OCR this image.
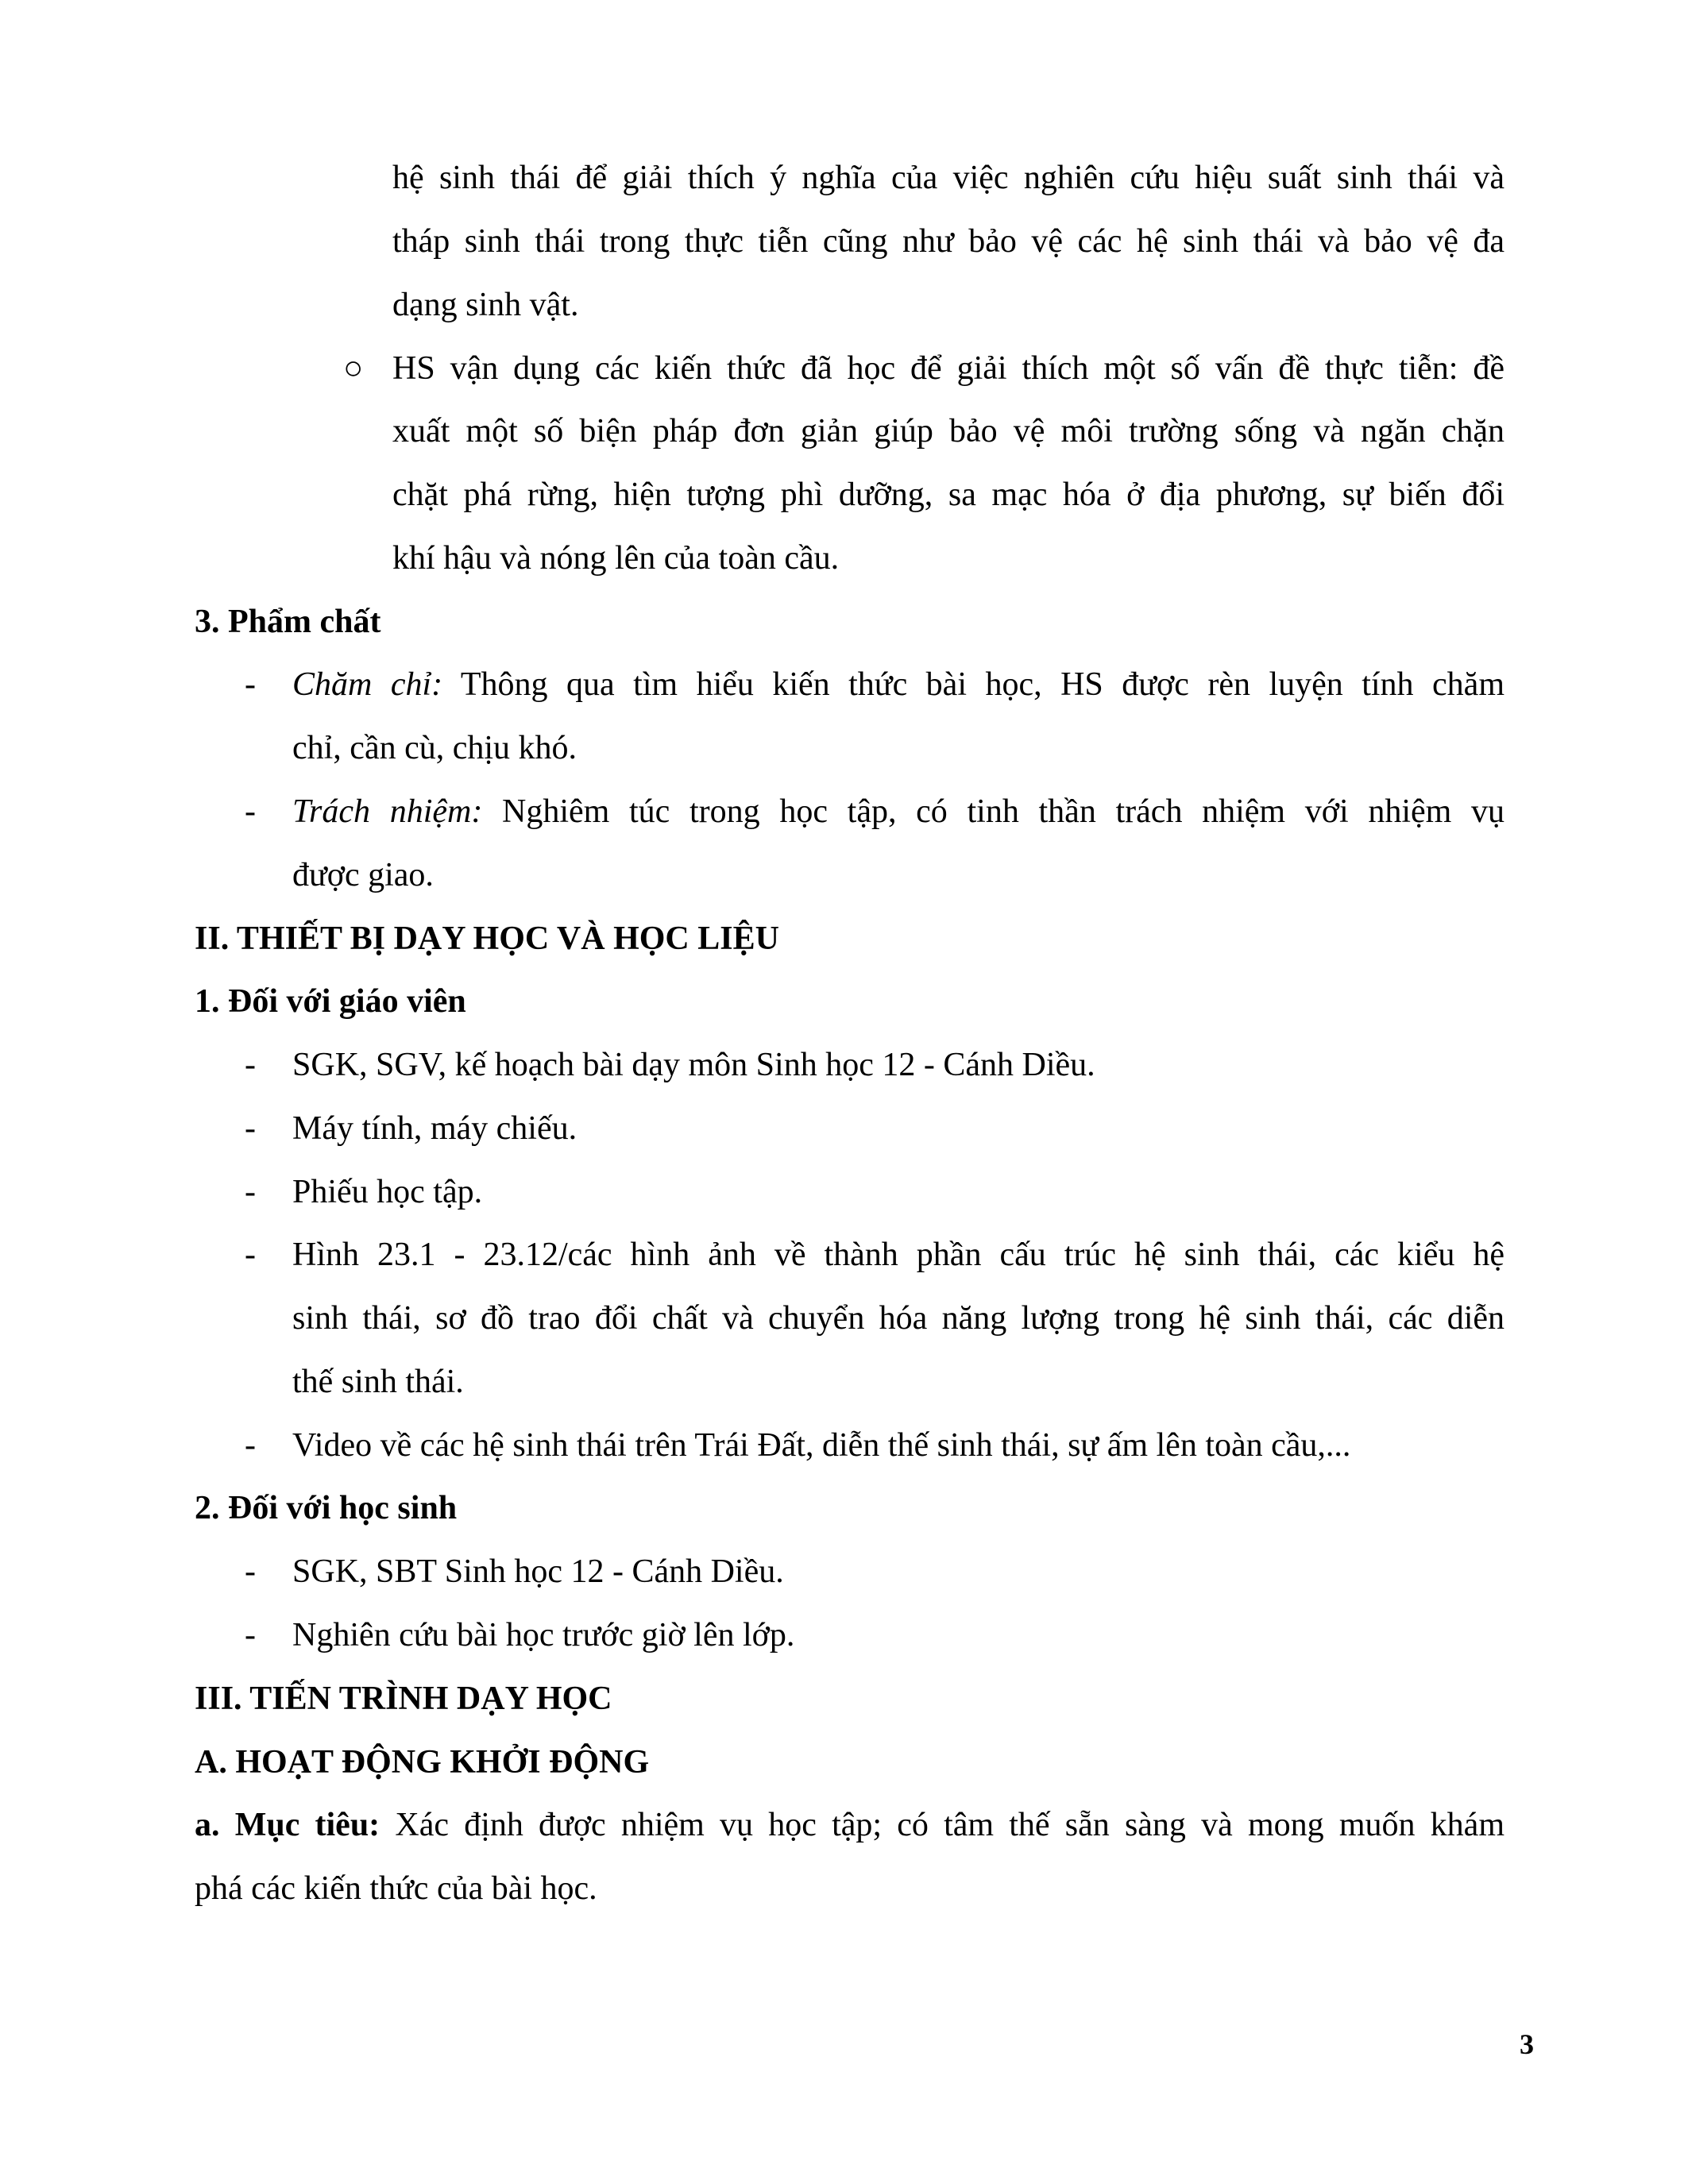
hệ sinh thái để giải thích ý nghĩa của việc nghiên cứu hiệu suất sinh thái và
tháp sinh thái trong thực tiễn cũng như bảo vệ các hệ sinh thái và bảo vệ đa
dạng sinh vật.
○ HS vận dụng các kiến thức đã học để giải thích một số vấn đề thực tiễn: đề
xuất một số biện pháp đơn giản giúp bảo vệ môi trường sống và ngăn chặn
chặt phá rừng, hiện tượng phì dưỡng, sa mạc hóa ở địa phương, sự biến đổi
khí hậu và nóng lên của toàn cầu.
3. Phẩm chất
- Chăm chỉ: Thông qua tìm hiểu kiến thức bài học, HS được rèn luyện tính chăm
chỉ, cần cù, chịu khó.
- Trách nhiệm: Nghiêm túc trong học tập, có tinh thần trách nhiệm với nhiệm vụ
được giao.
II. THIẾT BỊ DẠY HỌC VÀ HỌC LIỆU
1. Đối với giáo viên
- SGK, SGV, kế hoạch bài dạy môn Sinh học 12 - Cánh Diều.
- Máy tính, máy chiếu.
- Phiếu học tập.
- Hình 23.1 - 23.12/các hình ảnh về thành phần cấu trúc hệ sinh thái, các kiểu hệ
sinh thái, sơ đồ trao đổi chất và chuyển hóa năng lượng trong hệ sinh thái, các diễn
thế sinh thái.
- Video về các hệ sinh thái trên Trái Đất, diễn thế sinh thái, sự ấm lên toàn cầu,...
2. Đối với học sinh
- SGK, SBT Sinh học 12 - Cánh Diều.
- Nghiên cứu bài học trước giờ lên lớp.
III. TIẾN TRÌNH DẠY HỌC
A. HOẠT ĐỘNG KHỞI ĐỘNG
a. Mục tiêu: Xác định được nhiệm vụ học tập; có tâm thế sẵn sàng và mong muốn khám
phá các kiến thức của bài học.
3
